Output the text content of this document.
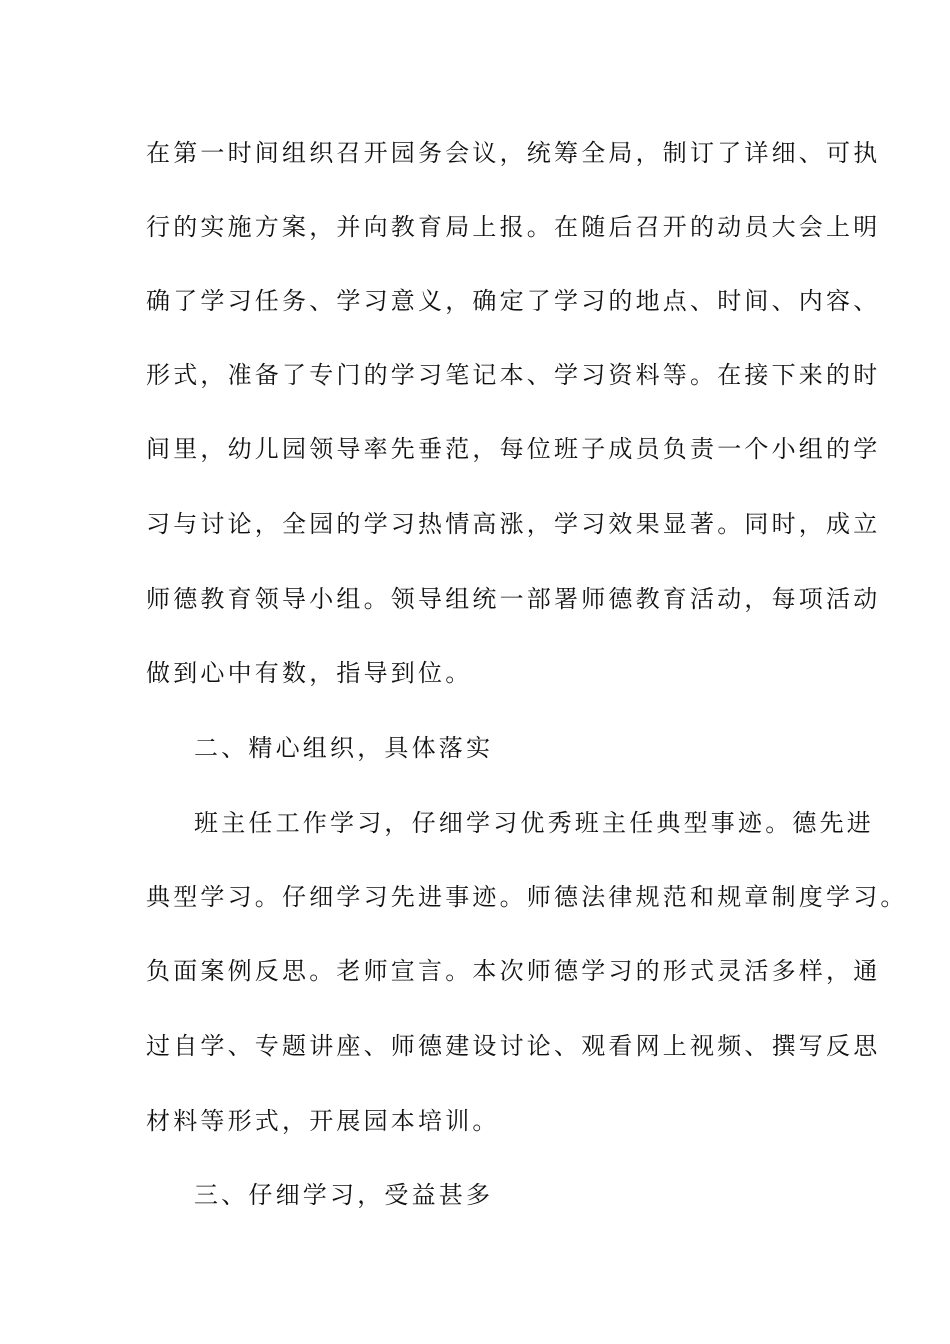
在第一时间组织召开园务会议，统筹全局，制订了详细、可执
行的实施方案，并向教育局上报。在随后召开的动员大会上明
确了学习任务、学习意义，确定了学习的地点、时间、内容、
形式，准备了专门的学习笔记本、学习资料等。在接下来的时
间里，幼儿园领导率先垂范，每位班子成员负责一个小组的学
习与讨论，全园的学习热情高涨，学习效果显著。同时，成立
师德教育领导小组。领导组统一部署师德教育活动，每项活动
做到心中有数，指导到位。
二、精心组织，具体落实
班主任工作学习，仔细学习优秀班主任典型事迹。德先进
典型学习。仔细学习先进事迹。师德法律规范和规章制度学习。
负面案例反思。老师宣言。本次师德学习的形式灵活多样，通
过自学、专题讲座、师德建设讨论、观看网上视频、撰写反思
材料等形式，开展园本培训。
三、仔细学习，受益甚多
